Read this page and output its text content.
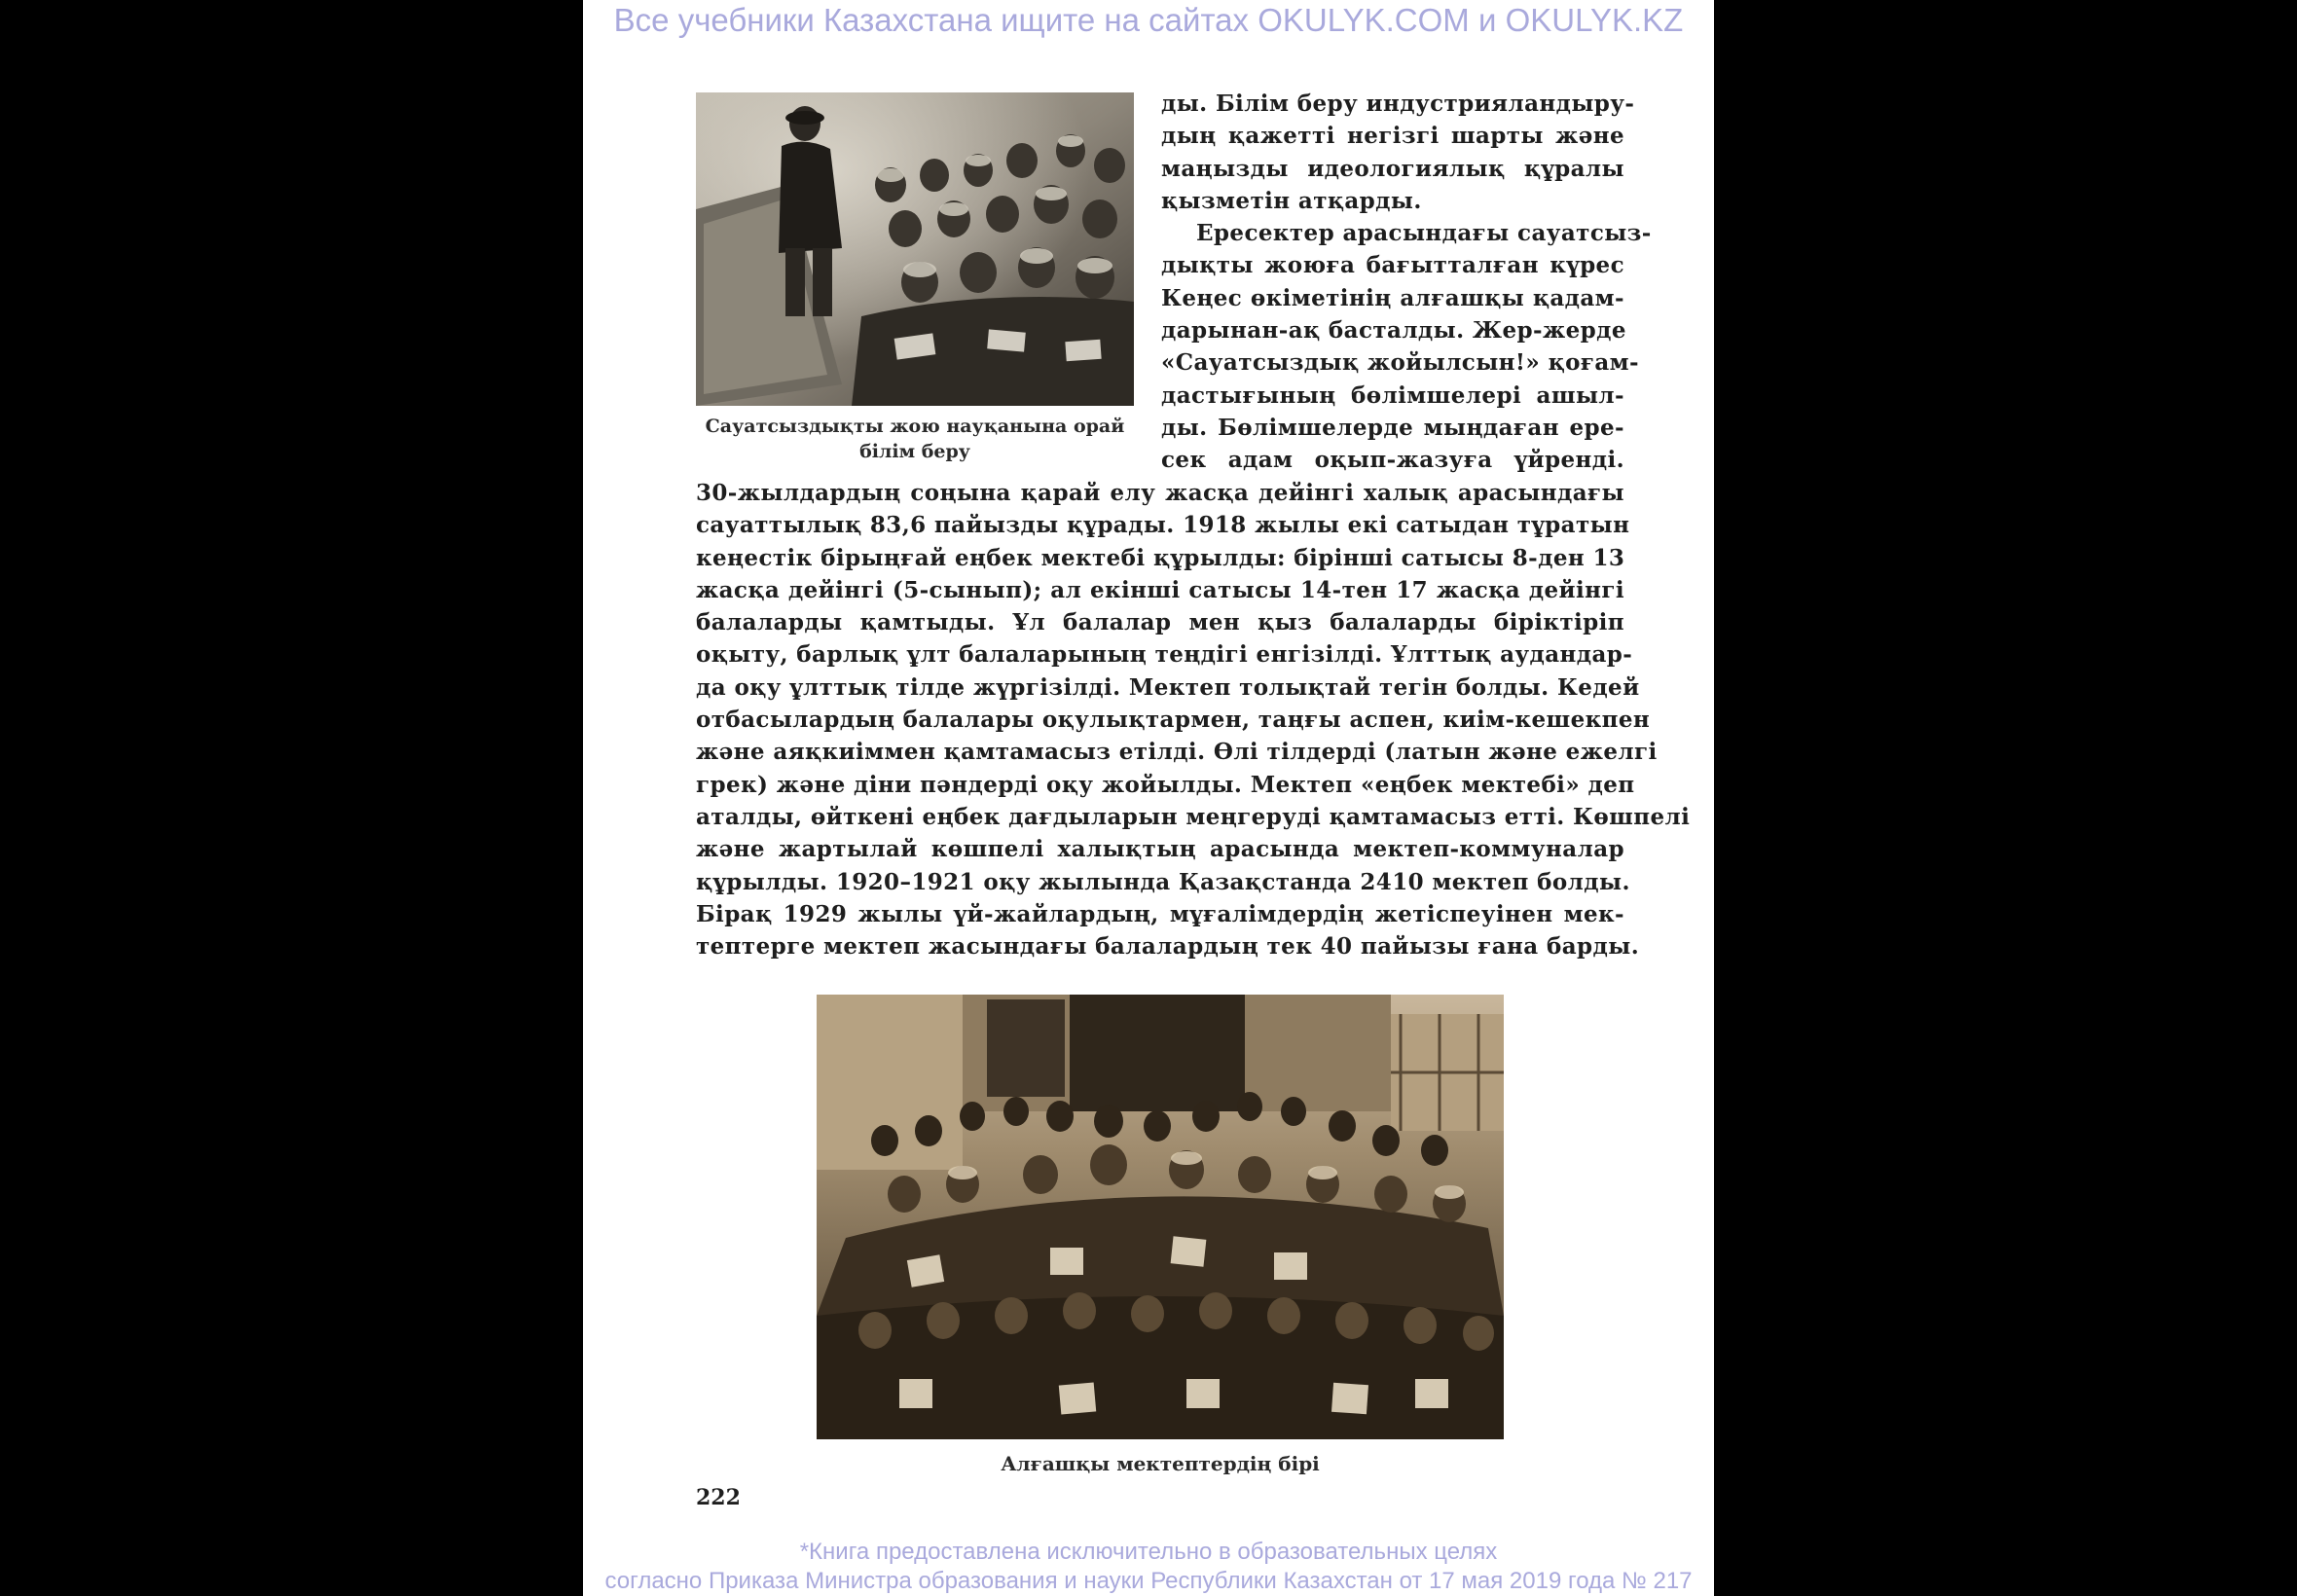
Все учебники Казахстана ищите на сайтах OKULYK.COM и OKULYK.KZ
Сауатсыздықты жою науқанына орай білім беру
ды. Білім беру индустрияландыру-
дың қажетті негізгі шарты және
маңызды идеологиялық құралы
қызметін атқарды.
Ересектер арасындағы сауатсыз-
дықты жоюға бағытталған күрес
Кеңес өкіметінің алғашқы қадам-
дарынан-ақ басталды. Жер-жерде
«Сауатсыздық жойылсын!» қоғам-
дастығының бөлімшелері ашыл-
ды. Бөлімшелерде мыңдаған ере-
сек адам оқып-жазуға үйренді.
30-жылдардың соңына қарай елу жасқа дейінгі халық арасындағы
сауаттылық 83,6 пайызды құрады. 1918 жылы екі сатыдан тұратын
кеңестік бірыңғай еңбек мектебі құрылды: бірінші сатысы 8-ден 13
жасқа дейінгі (5-сынып); ал екінші сатысы 14-тен 17 жасқа дейінгі
балаларды қамтыды. Ұл балалар мен қыз балаларды біріктіріп
оқыту, барлық ұлт балаларының теңдігі енгізілді. Ұлттық аудандар-
да оқу ұлттық тілде жүргізілді. Мектеп толықтай тегін болды. Кедей
отбасылардың балалары оқулықтармен, таңғы аспен, киім-кешекпен
және аяқкиіммен қамтамасыз етілді. Өлі тілдерді (латын және ежелгі
грек) және діни пәндерді оқу жойылды. Мектеп «еңбек мектебі» деп
аталды, өйткені еңбек дағдыларын меңгеруді қамтамасыз етті. Көшпелі
және жартылай көшпелі халықтың арасында мектеп-коммуналар
құрылды. 1920–1921 оқу жылында Қазақстанда 2410 мектеп болды.
Бірақ 1929 жылы үй-жайлардың, мұғалімдердің жетіспеуінен мек-
тептерге мектеп жасындағы балалардың тек 40 пайызы ғана барды.
Алғашқы мектептердің бірі
222
*Книга предоставлена исключительно в образовательных целях
согласно Приказа Министра образования и науки Республики Казахстан от 17 мая 2019 года № 217
